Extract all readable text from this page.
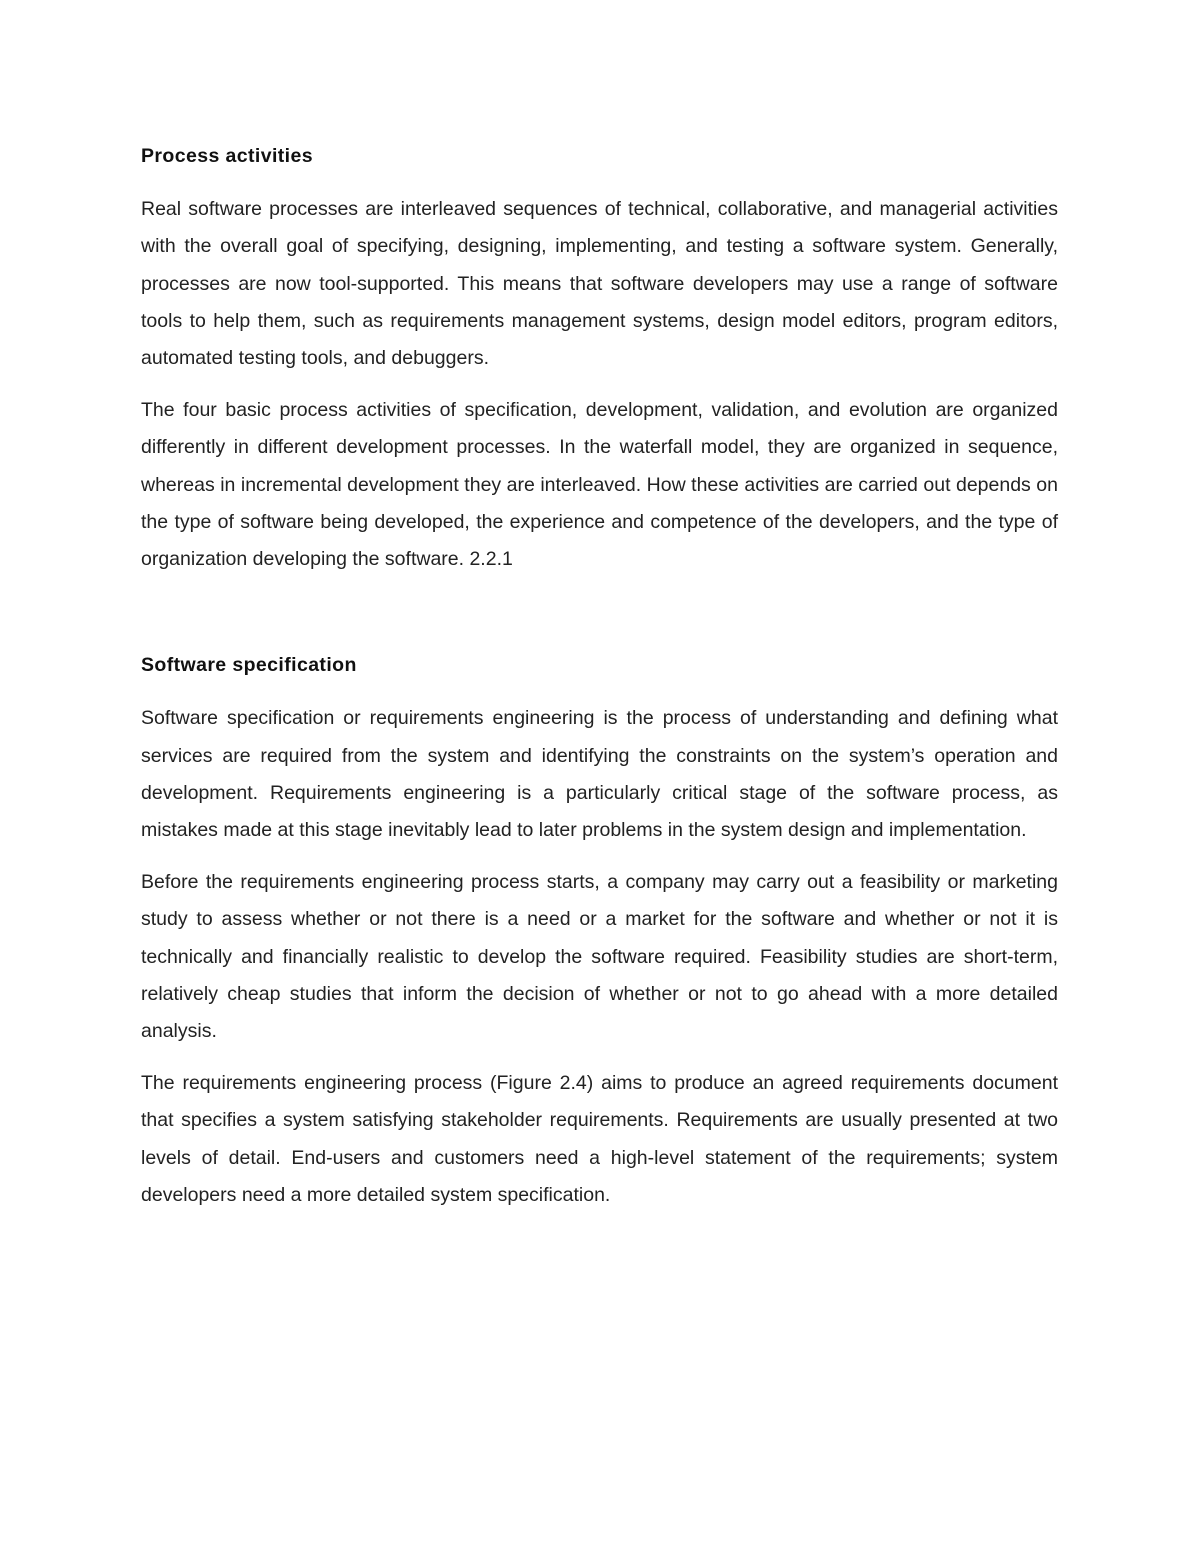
Process activities

Real software processes are interleaved sequences of technical, collaborative, and managerial activities with the overall goal of specifying, designing, implementing, and testing a software system. Generally, processes are now tool-supported. This means that software developers may use a range of software tools to help them, such as requirements management systems, design model editors, program editors, automated testing tools, and debuggers.

The four basic process activities of specification, development, validation, and evolution are organized differently in different development processes. In the waterfall model, they are organized in sequence, whereas in incremental development they are interleaved. How these activities are carried out depends on the type of software being developed, the experience and competence of the developers, and the type of organization developing the software. 2.2.1

Software specification

Software specification or requirements engineering is the process of understanding and defining what services are required from the system and identifying the constraints on the system’s operation and development. Requirements engineering is a particularly critical stage of the software process, as mistakes made at this stage inevitably lead to later problems in the system design and implementation.

Before the requirements engineering process starts, a company may carry out a feasibility or marketing study to assess whether or not there is a need or a market for the software and whether or not it is technically and financially realistic to develop the software required. Feasibility studies are short-term, relatively cheap studies that inform the decision of whether or not to go ahead with a more detailed analysis.

The requirements engineering process (Figure 2.4) aims to produce an agreed requirements document that specifies a system satisfying stakeholder requirements. Requirements are usually presented at two levels of detail. End-users and customers need a high-level statement of the requirements; system developers need a more detailed system specification.
